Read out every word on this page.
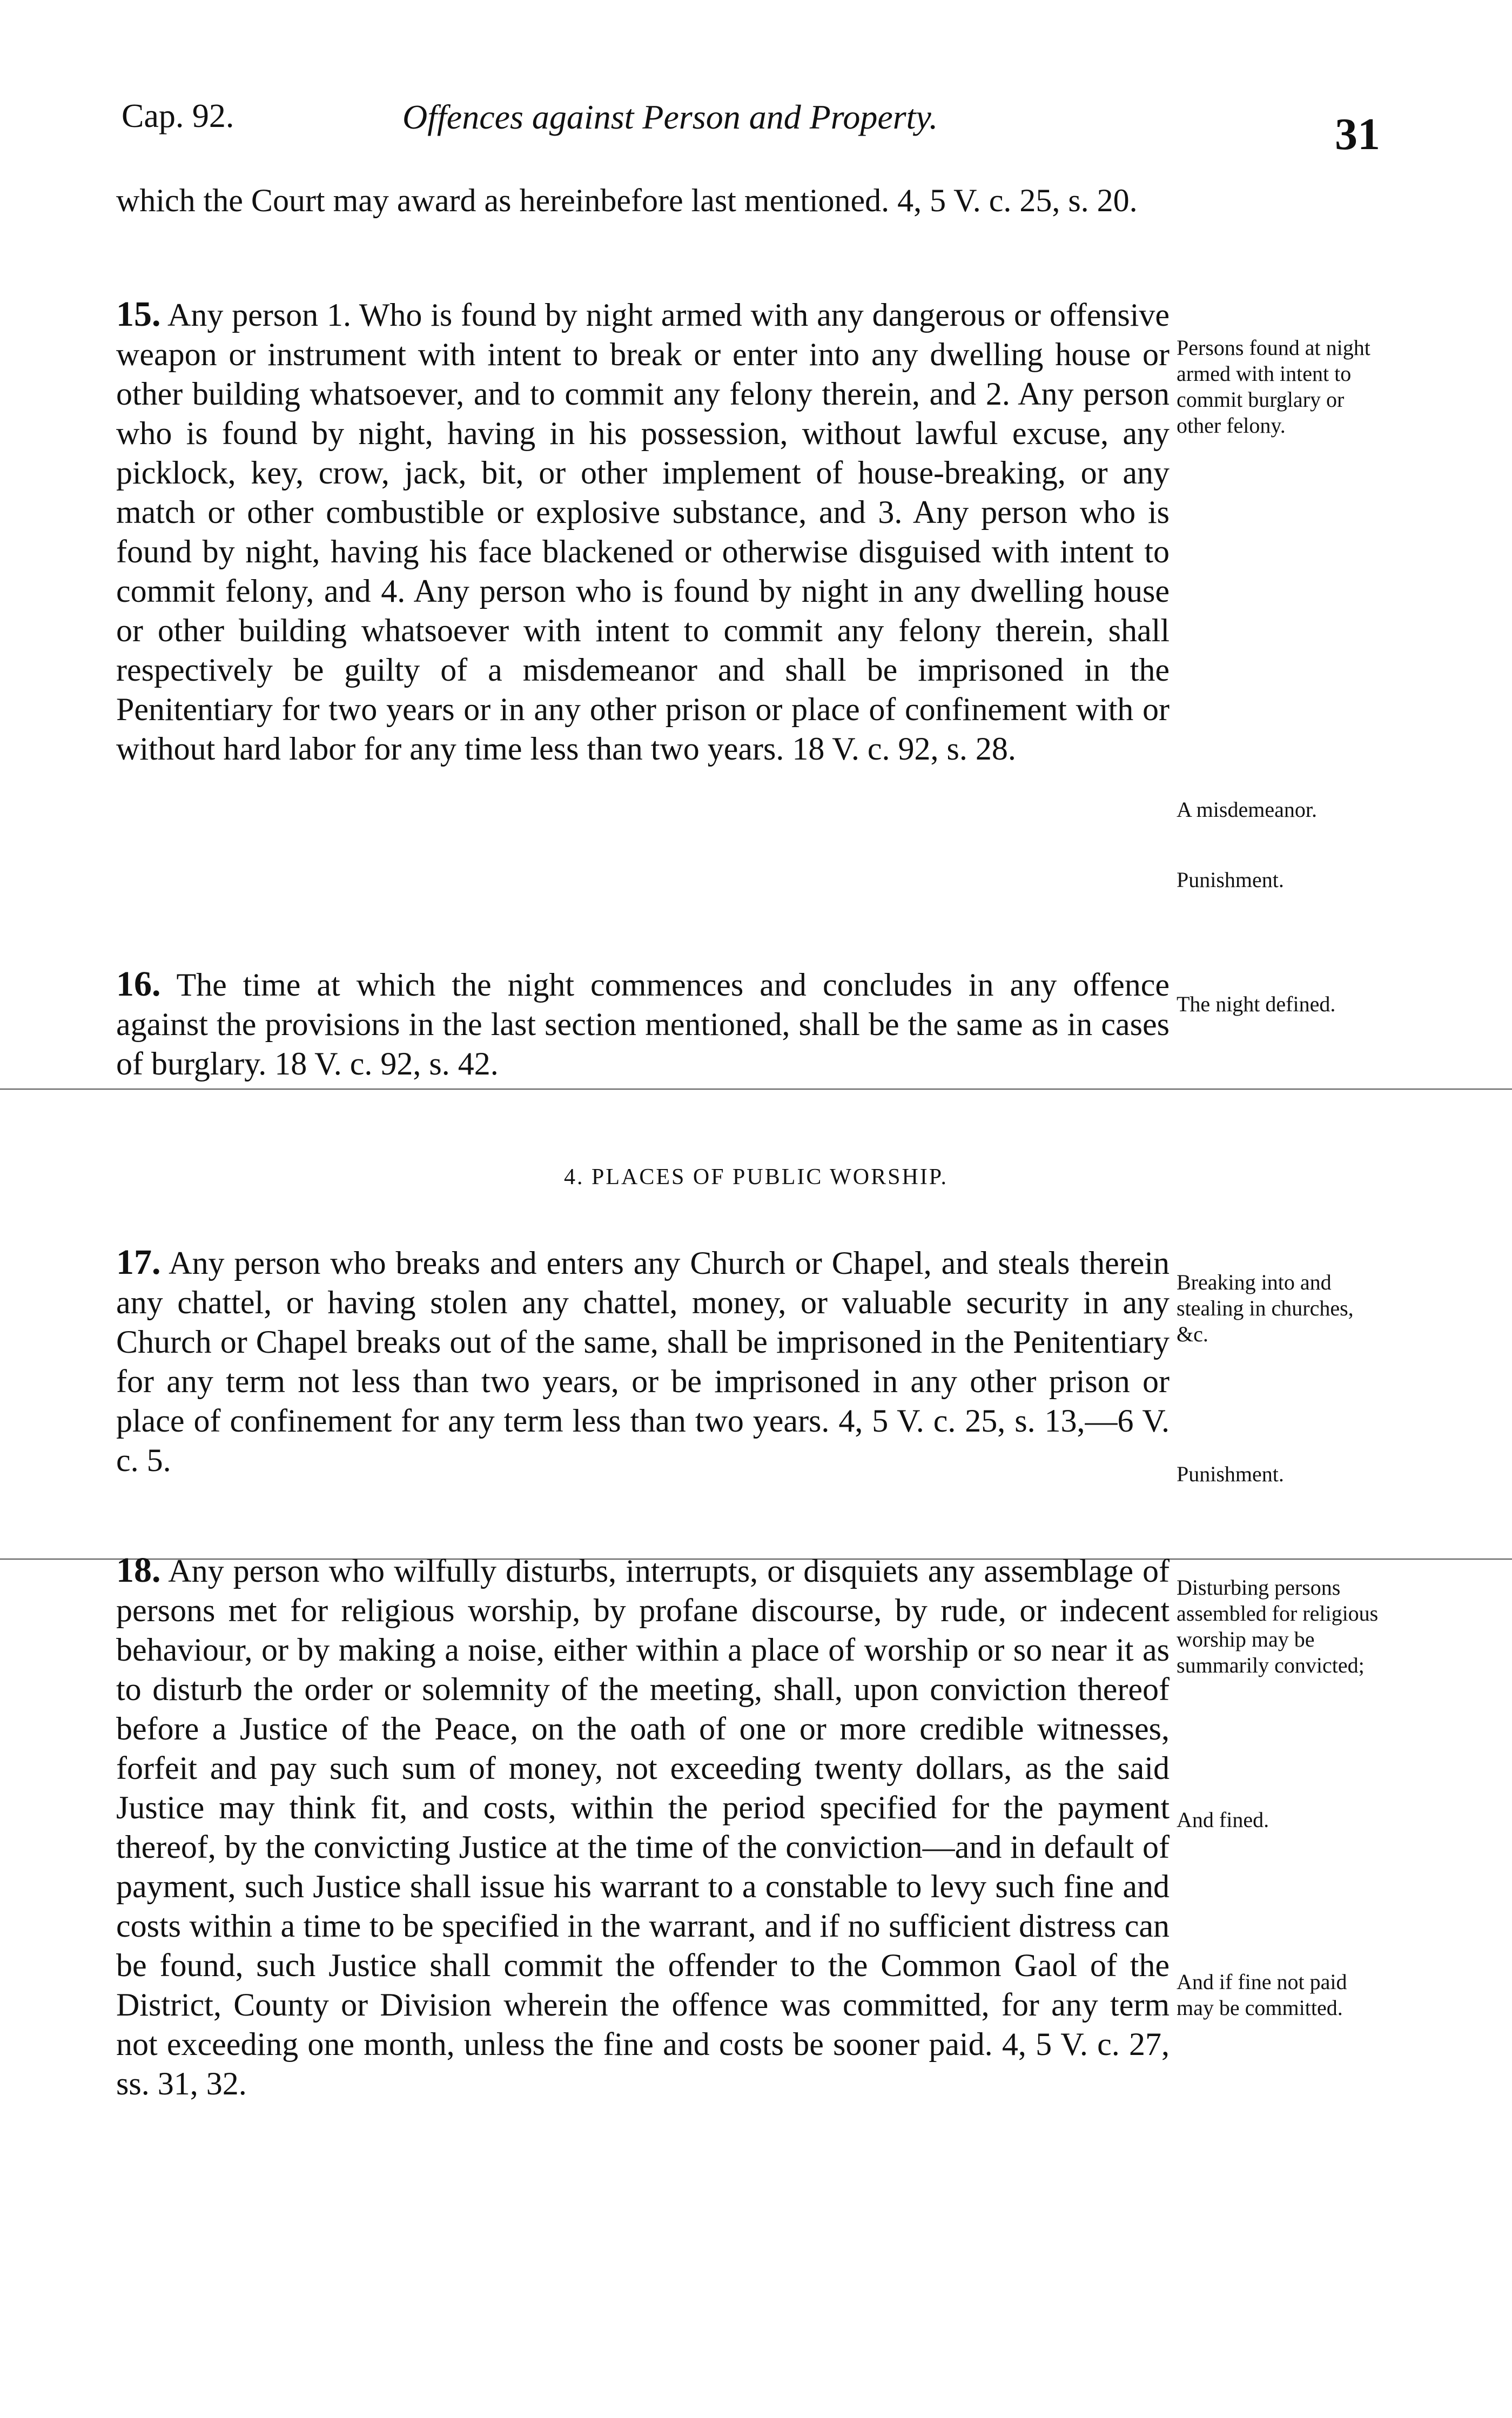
Cap. 92.	Offences against Person and Property.	31
which the Court may award as hereinbefore last mentioned. 4, 5 V. c. 25, s. 20.
15. Any person 1. Who is found by night armed with any dangerous or offensive weapon or instrument with intent to break or enter into any dwelling house or other building whatsoever, and to commit any felony therein, and 2. Any person who is found by night, having in his possession, without lawful excuse, any picklock, key, crow, jack, bit, or other implement of house-breaking, or any match or other combustible or explosive substance, and 3. Any person who is found by night, having his face blackened or otherwise disguised with intent to commit felony, and 4. Any person who is found by night in any dwelling house or other building whatsoever with intent to commit any felony therein, shall respectively be guilty of a misdemeanor and shall be imprisoned in the Penitentiary for two years or in any other prison or place of confinement with or without hard labor for any time less than two years. 18 V. c. 92, s. 28.
16. The time at which the night commences and concludes in any offence against the provisions in the last section mentioned, shall be the same as in cases of burglary. 18 V. c. 92, s. 42.
4. PLACES OF PUBLIC WORSHIP.
17. Any person who breaks and enters any Church or Chapel, and steals therein any chattel, or having stolen any chattel, money, or valuable security in any Church or Chapel breaks out of the same, shall be imprisoned in the Penitentiary for any term not less than two years, or be imprisoned in any other prison or place of confinement for any term less than two years. 4, 5 V. c. 25, s. 13,—6 V. c. 5.
18. Any person who wilfully disturbs, interrupts, or disquiets any assemblage of persons met for religious worship, by profane discourse, by rude, or indecent behaviour, or by making a noise, either within a place of worship or so near it as to disturb the order or solemnity of the meeting, shall, upon conviction thereof before a Justice of the Peace, on the oath of one or more credible witnesses, forfeit and pay such sum of money, not exceeding twenty dollars, as the said Justice may think fit, and costs, within the period specified for the payment thereof, by the convicting Justice at the time of the conviction—and in default of payment, such Justice shall issue his warrant to a constable to levy such fine and costs within a time to be specified in the warrant, and if no sufficient distress can be found, such Justice shall commit the offender to the Common Gaol of the District, County or Division wherein the offence was committed, for any term not exceeding one month, unless the fine and costs be sooner paid. 4, 5 V. c. 27, ss. 31, 32.
Persons found at night armed with intent to commit burglary or other felony.
A misdemeanor.
Punishment.
The night defined.
Breaking into and stealing in churches, &c.
Punishment.
Disturbing persons assembled for religious worship may be summarily convicted;
And fined.
And if fine not paid may be committed.
